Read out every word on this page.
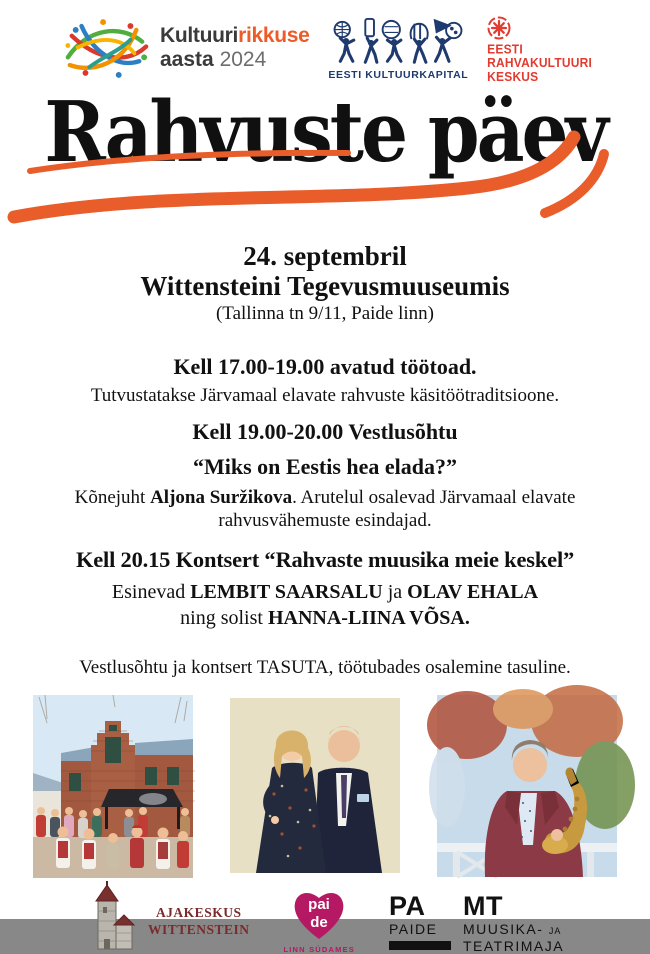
Kultuuririkkuse
aasta 2024
EESTI KULTUURKAPITAL
EESTI
RAHVAKULTUURI
KESKUS
Rahvuste päev
24. septembril
Wittensteini Tegevusmuuseumis
(Tallinna tn 9/11, Paide linn)

Kell 17.00-19.00 avatud töötoad.

Tutvustatakse Järvamaal elavate rahvuste käsitöötraditsioone.

Kell 19.00-20.00 Vestlusõhtu

“Miks on Eestis hea elada?”

Kõnejuht Aljona Suržikova. Arutelul osalevad Järvamaal elavate rahvusvähemuste esindajad.

Kell 20.15 Kontsert “Rahvaste muusika meie keskel”

Esinevad LEMBIT SAARSALU ja OLAV EHALA

ning solist HANNA-LIINA VÕSA.

Vestlusõhtu ja kontsert TASUTA, töötubades osalemine tasuline.

AJAKESKUS
WITTENSTEIN
pai
de
LINN SÜDAMES
PA	MT
PAIDE	MUUSIKA- JA
TEATRIMAJA
